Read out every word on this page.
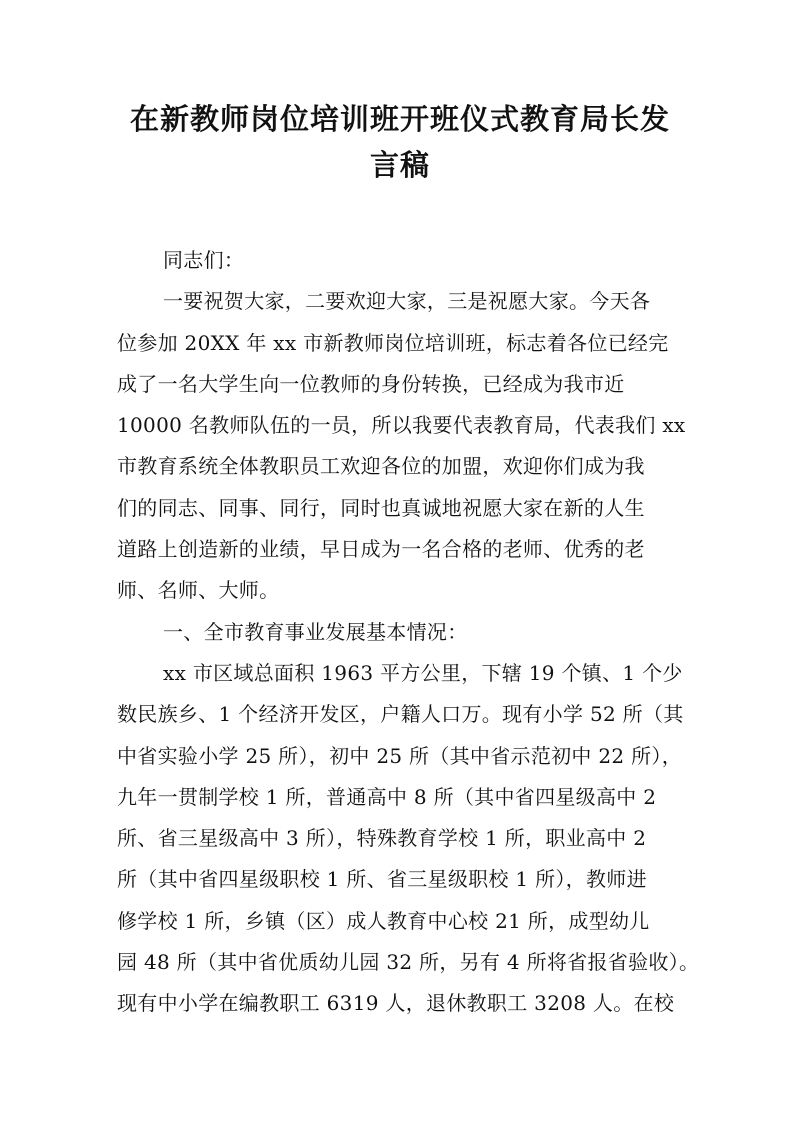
在新教师岗位培训班开班仪式教育局长发
言稿
同志们：
一要祝贺大家，二要欢迎大家，三是祝愿大家。今天各
位参加 20XX 年 xx 市新教师岗位培训班，标志着各位已经完
成了一名大学生向一位教师的身份转换，已经成为我市近
10000 名教师队伍的一员，所以我要代表教育局，代表我们 xx
市教育系统全体教职员工欢迎各位的加盟，欢迎你们成为我
们的同志、同事、同行，同时也真诚地祝愿大家在新的人生
道路上创造新的业绩，早日成为一名合格的老师、优秀的老
师、名师、大师。
一、全市教育事业发展基本情况：
xx 市区域总面积 1963 平方公里，下辖 19 个镇、1 个少
数民族乡、1 个经济开发区，户籍人口万。现有小学 52 所（其
中省实验小学 25 所），初中 25 所（其中省示范初中 22 所），
九年一贯制学校 1 所，普通高中 8 所（其中省四星级高中 2
所、省三星级高中 3 所），特殊教育学校 1 所，职业高中 2
所（其中省四星级职校 1 所、省三星级职校 1 所），教师进
修学校 1 所，乡镇（区）成人教育中心校 21 所，成型幼儿
园 48 所（其中省优质幼儿园 32 所，另有 4 所将省报省验收）。
现有中小学在编教职工 6319 人，退休教职工 3208 人。在校
